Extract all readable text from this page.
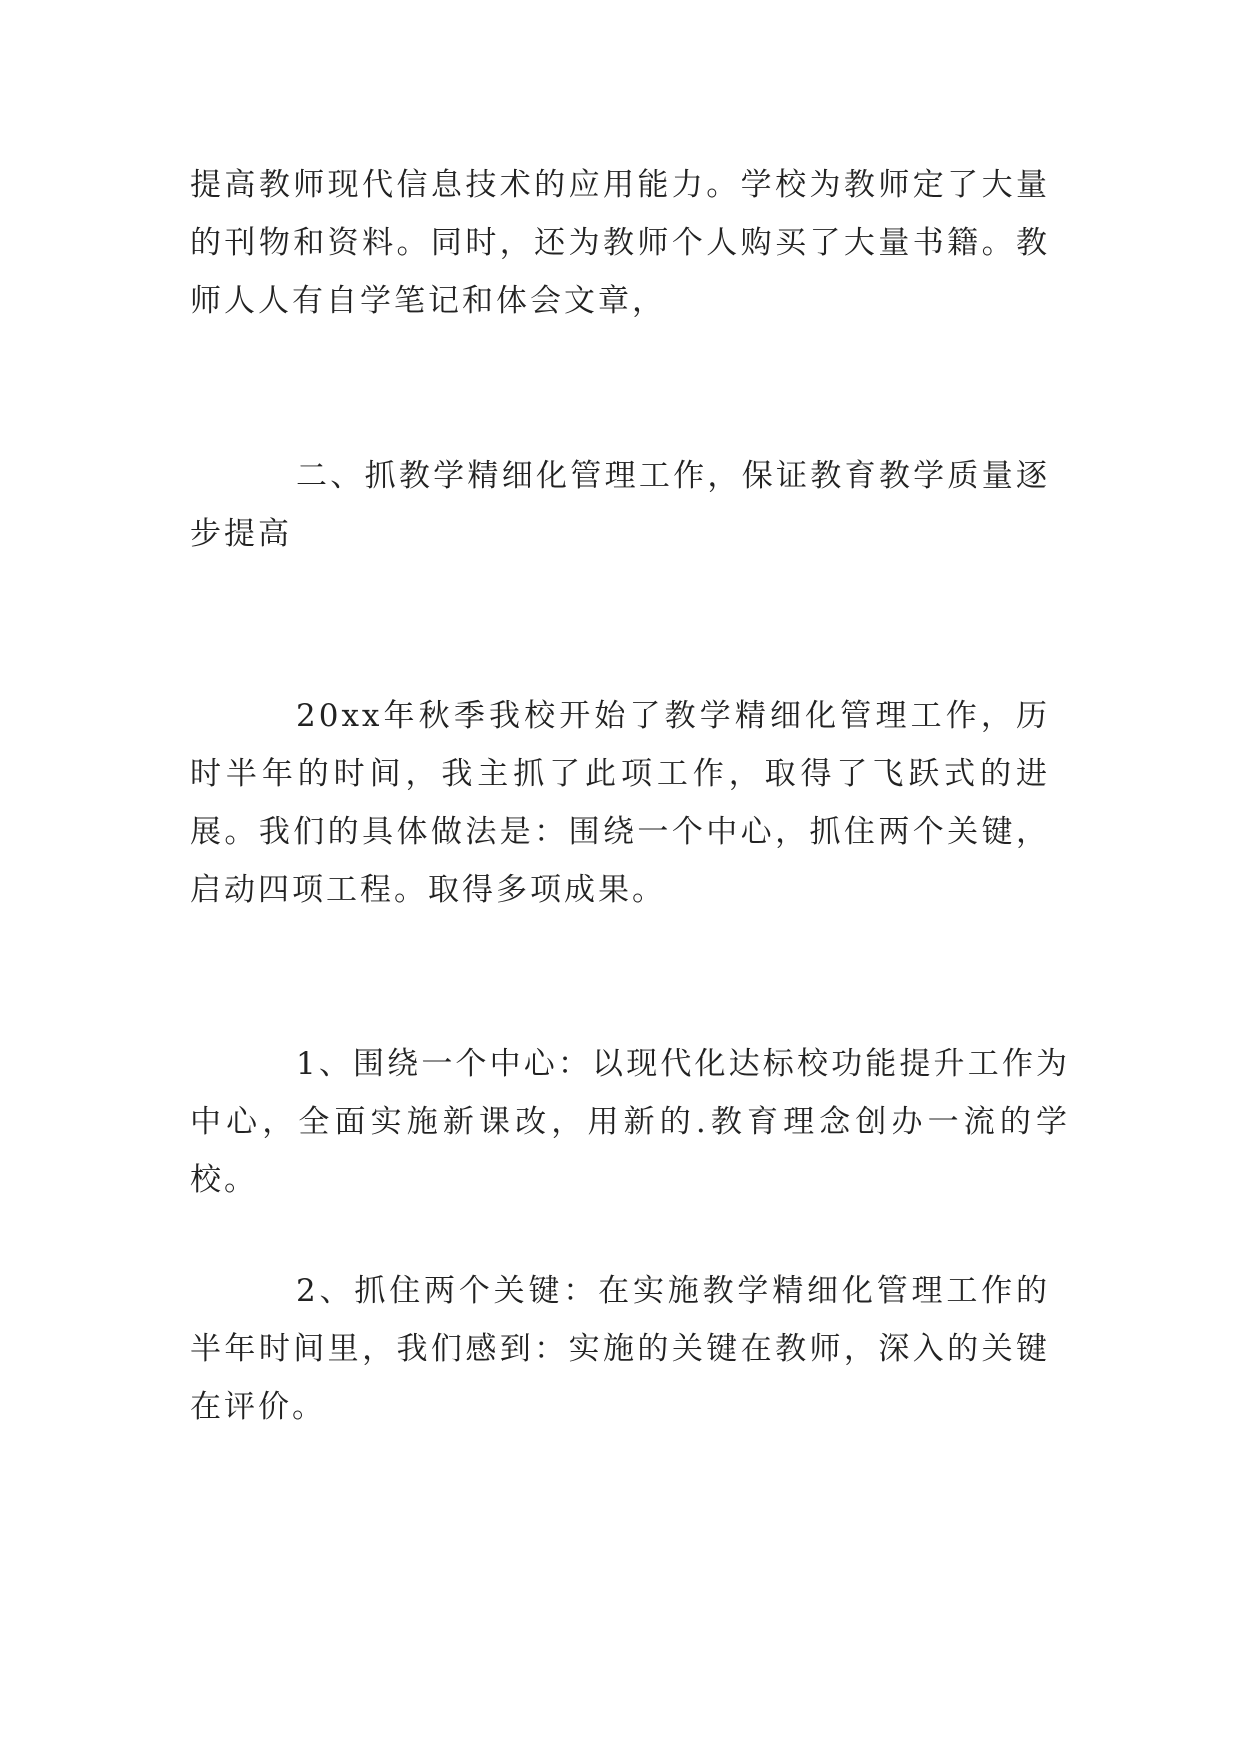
提高教师现代信息技术的应用能力。学校为教师定了大量的刊物和资料。同时，还为教师个人购买了大量书籍。教师人人有自学笔记和体会文章，

二、抓教学精细化管理工作，保证教育教学质量逐步提高

20xx年秋季我校开始了教学精细化管理工作，历时半年的时间，我主抓了此项工作，取得了飞跃式的进展。我们的具体做法是：围绕一个中心，抓住两个关键，启动四项工程。取得多项成果。

1、围绕一个中心：以现代化达标校功能提升工作为中心，全面实施新课改，用新的.教育理念创办一流的学校。

2、抓住两个关键：在实施教学精细化管理工作的半年时间里，我们感到：实施的关键在教师，深入的关键在评价。
